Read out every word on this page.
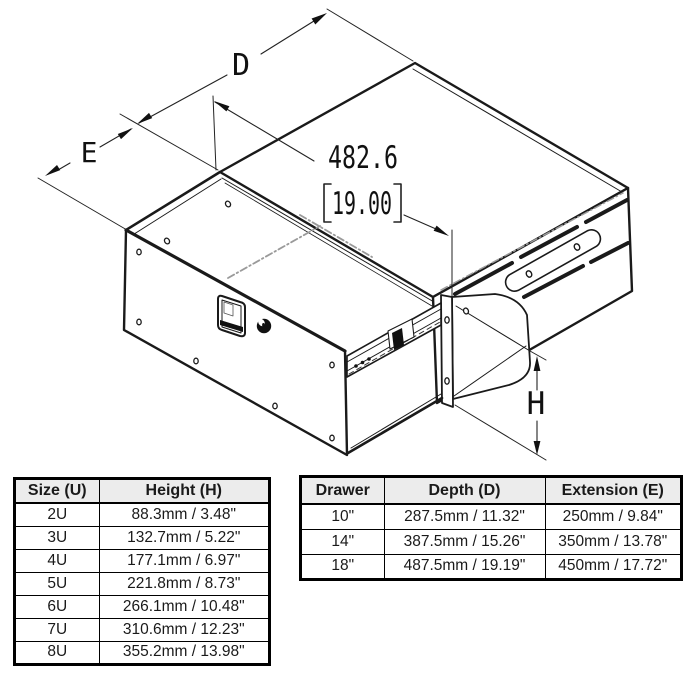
D
E
H
482.6
19.00
Size (U)	Height (H)
2U	88.3mm / 3.48"
3U	132.7mm / 5.22"
4U	177.1mm / 6.97"
5U	221.8mm / 8.73"
6U	266.1mm / 10.48"
7U	310.6mm / 12.23"
8U	355.2mm / 13.98"
Drawer	Depth (D)	Extension (E)
10"	287.5mm / 11.32"	250mm / 9.84"
14"	387.5mm / 15.26"	350mm / 13.78"
18"	487.5mm / 19.19"	450mm / 17.72"
